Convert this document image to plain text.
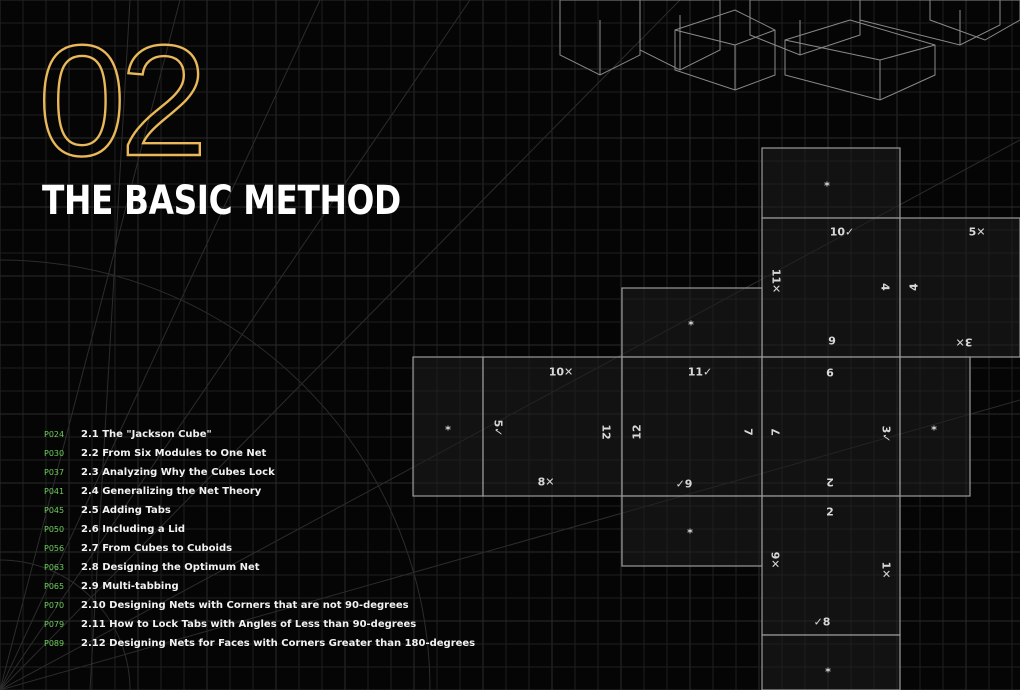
02
THE BASIC METHOD
P024	2.1 The "Jackson Cube"
P030	2.2 From Six Modules to One Net
P037	2.3 Analyzing Why the Cubes Lock
P041	2.4 Generalizing the Net Theory
P045	2.5 Adding Tabs
P050	2.6 Including a Lid
P056	2.7 From Cubes to Cuboids
P063	2.8 Designing the Optimum Net
P065	2.9 Multi-tabbing
P070	2.10 Designing Nets with Corners that are not 90-degrees
P079	2.11 How to Lock Tabs with Angles of Less than 90-degrees
P089	2.12 Designing Nets for Faces with Corners Greater than 180-degrees
*
10✓	5✕
11✕	4 4
6	3✕
*
10✕	11✓	6
*	5✓	12 12	7 7	3✓	*
8✕	✓9	2
2
*
9✕
1✕
✓8
*
